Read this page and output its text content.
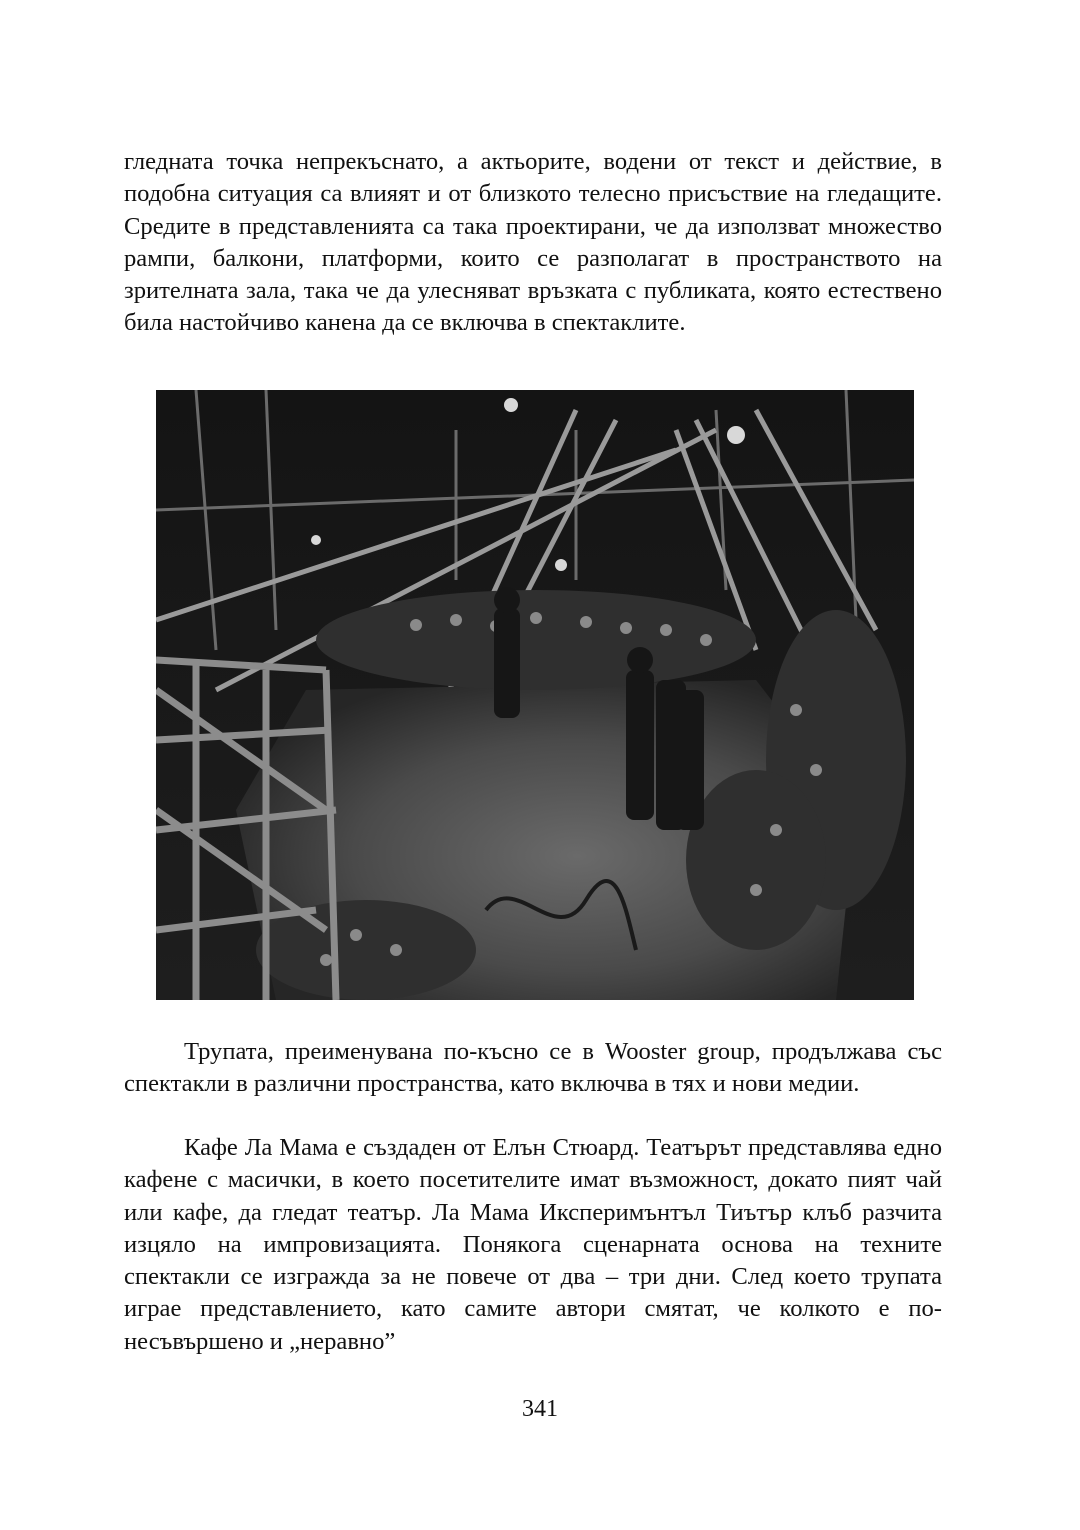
гледната точка непрекъснато, а актьорите, водени от текст и действие, в подобна ситуация са влияят и от близкото телесно присъствие на гледащите. Средите в представленията са така проектирани, че да използват множество рампи, балкони, платформи, които се разполагат в пространството на зрителната зала, така че да улесняват връзката с публиката, която естествено била настойчиво канена да се включва в спектаклите.

Трупата, преименувана по-късно се в Wooster group, продължава със спектакли в различни пространства, като включва в тях и нови медии.

Кафе Ла Мама е създаден от Елън Стюард. Театърът представлява едно кафене с масички, в което посетителите имат възможност, докато пият чай или кафе, да гледат театър. Ла Мама Иксперимънтъл Тиътър клъб разчита изцяло на импровизацията. Понякога сценарната основа на техните спектакли се изгражда за не повече от два – три дни. След което трупата играе представлението, като самите автори смятат, че колкото е по-несъвършено и „неравно”

341
